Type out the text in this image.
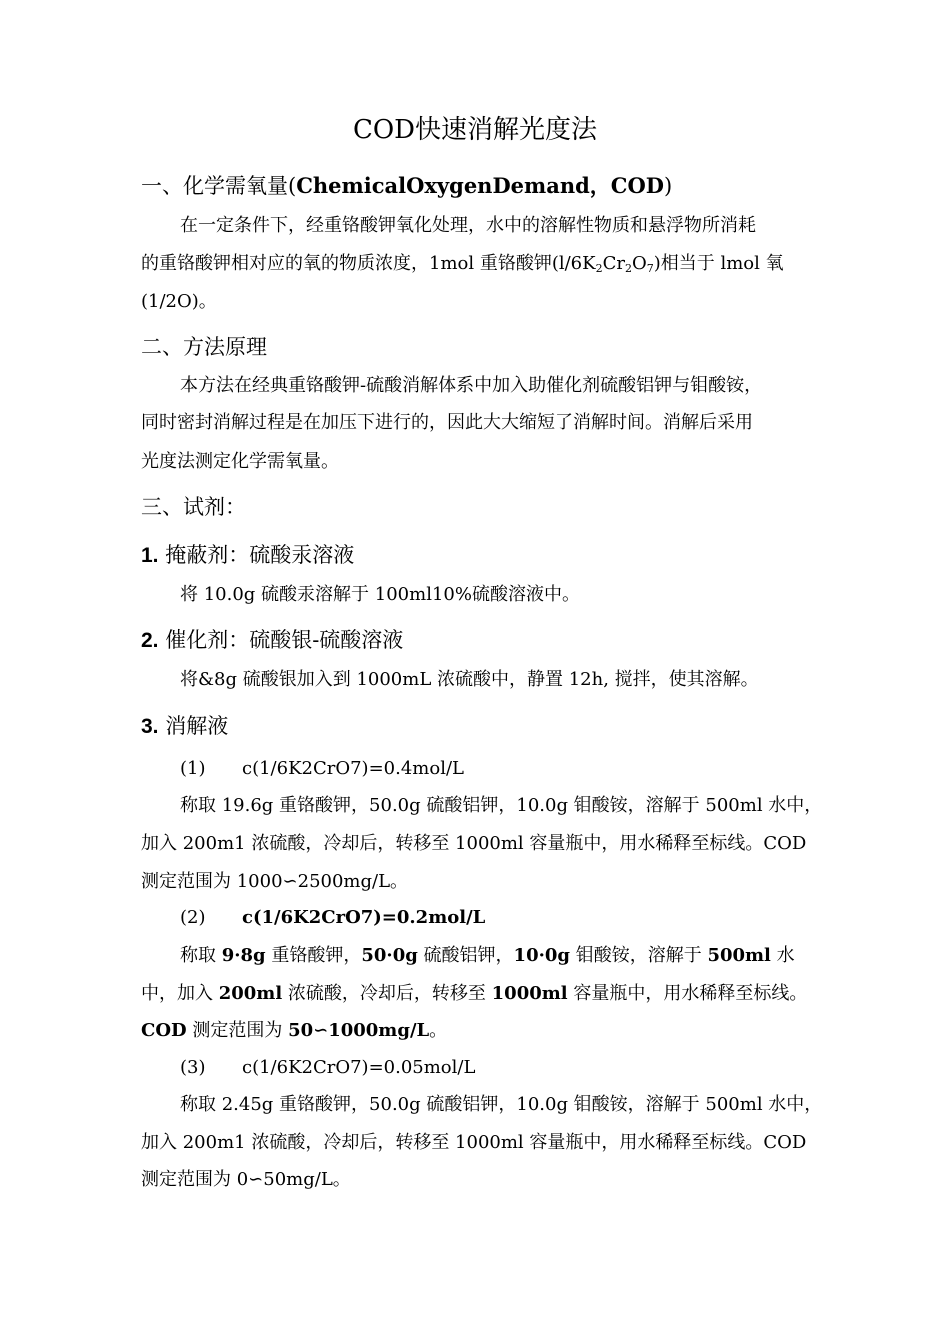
COD快速消解光度法
一、化学需氧量(ChemicalOxygenDemand，COD)
在一定条件下，经重铬酸钾氧化处理，水中的溶解性物质和悬浮物所消耗
的重铬酸钾相对应的氧的物质浓度，1mol 重铬酸钾$(l/6K_2Cr_2O_7)$相当于 lmol 氧
(1/2O)。
二、方法原理
本方法在经典重铬酸钾-硫酸消解体系中加入助催化剂硫酸铝钾与钼酸铵，
同时密封消解过程是在加压下进行的，因此大大缩短了消解时间。消解后采用
光度法测定化学需氧量。
三、试剂：
1. 掩蔽剂：硫酸汞溶液
将 10.0g 硫酸汞溶解于 100ml10%硫酸溶液中。
2. 催化剂：硫酸银-硫酸溶液
将&8g 硫酸银加入到 1000mL 浓硫酸中，静置 12h, 搅拌，使其溶解。
3. 消解液
(1) c(1/6K2CrO7)=0.4mol/L
称取 19.6g 重铬酸钾，50.0g 硫酸铝钾，10.0g 钼酸铵，溶解于 500ml 水中，
加入 200m1 浓硫酸，冷却后，转移至 1000ml 容量瓶中，用水稀释至标线。COD
测定范围为 1000∽2500mg/L。
(2) c(1/6K2CrO7)=0.2mol/L
称取 9·8g 重铬酸钾，50·0g 硫酸铝钾，10·0g 钼酸铵，溶解于 500ml 水
中，加入 200ml 浓硫酸，冷却后，转移至 1000ml 容量瓶中，用水稀释至标线。
COD 测定范围为 50∽1000mg/L。
(3) c(1/6K2CrO7)=0.05mol/L
称取 2.45g 重铬酸钾，50.0g 硫酸铝钾，10.0g 钼酸铵，溶解于 500ml 水中，
加入 200m1 浓硫酸，冷却后，转移至 1000ml 容量瓶中，用水稀释至标线。COD
测定范围为 0∽50mg/L。
